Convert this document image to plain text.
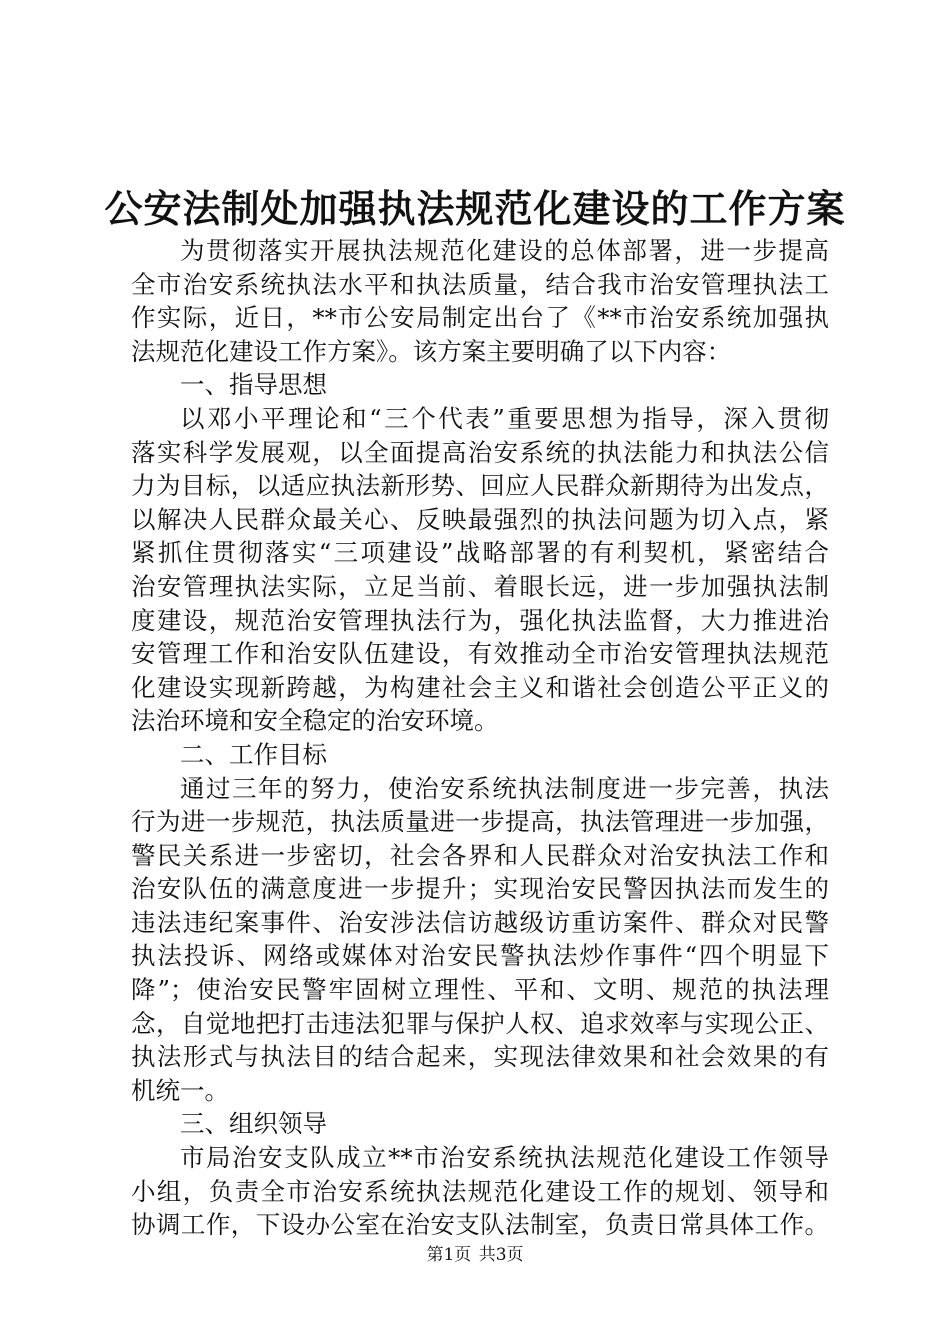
公安法制处加强执法规范化建设的工作方案
为贯彻落实开展执法规范化建设的总体部署，进一步提高
全市治安系统执法水平和执法质量，结合我市治安管理执法工
作实际，近日，**市公安局制定出台了《**市治安系统加强执
法规范化建设工作方案》。该方案主要明确了以下内容：
一、指导思想
以邓小平理论和“三个代表”重要思想为指导，深入贯彻
落实科学发展观，以全面提高治安系统的执法能力和执法公信
力为目标，以适应执法新形势、回应人民群众新期待为出发点，
以解决人民群众最关心、反映最强烈的执法问题为切入点，紧
紧抓住贯彻落实“三项建设”战略部署的有利契机，紧密结合
治安管理执法实际，立足当前、着眼长远，进一步加强执法制
度建设，规范治安管理执法行为，强化执法监督，大力推进治
安管理工作和治安队伍建设，有效推动全市治安管理执法规范
化建设实现新跨越，为构建社会主义和谐社会创造公平正义的
法治环境和安全稳定的治安环境。
二、工作目标
通过三年的努力，使治安系统执法制度进一步完善，执法
行为进一步规范，执法质量进一步提高，执法管理进一步加强，
警民关系进一步密切，社会各界和人民群众对治安执法工作和
治安队伍的满意度进一步提升；实现治安民警因执法而发生的
违法违纪案事件、治安涉法信访越级访重访案件、群众对民警
执法投诉、网络或媒体对治安民警执法炒作事件“四个明显下
降”；使治安民警牢固树立理性、平和、文明、规范的执法理
念，自觉地把打击违法犯罪与保护人权、追求效率与实现公正、
执法形式与执法目的结合起来，实现法律效果和社会效果的有
机统一。
三、组织领导
市局治安支队成立**市治安系统执法规范化建设工作领导
小组，负责全市治安系统执法规范化建设工作的规划、领导和
协调工作，下设办公室在治安支队法制室，负责日常具体工作。
第1页 共3页
